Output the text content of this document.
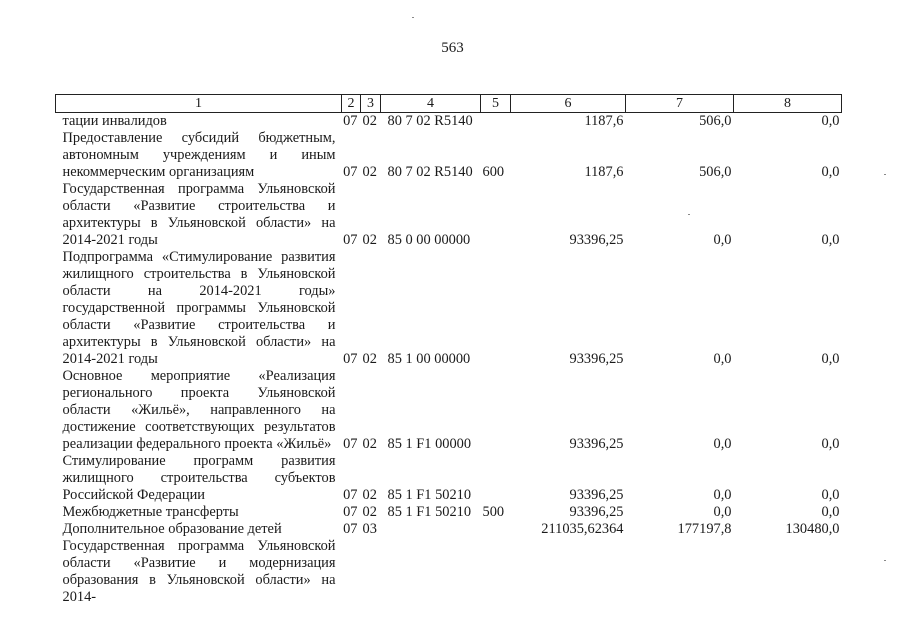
563
1	2	3	4	5	6	7	8
тации инвалидов	07	02	80 7 02 R5140		1187,6	506,0	0,0
Предоставление субсидий бюджетным, автономным учреждениям и иным некоммерческим организациям	07	02	80 7 02 R5140	600	1187,6	506,0	0,0
Государственная программа Ульяновской области «Развитие строительства и архитектуры в Ульяновской области» на 2014-2021 годы	07	02	85 0 00 00000		93396,25	0,0	0,0
Подпрограмма «Стимулирование развития жилищного строительства в Ульяновской области на 2014-2021 годы» государственной программы Ульяновской области «Развитие строительства и архитектуры в Ульяновской области» на 2014-2021 годы	07	02	85 1 00 00000		93396,25	0,0	0,0
Основное мероприятие «Реализация регионального проекта Ульяновской области «Жильё», направленного на достижение соответствующих результатов реализации федерального проекта «Жильё»	07	02	85 1 F1 00000		93396,25	0,0	0,0
Стимулирование программ развития жилищного строительства субъектов Российской Федерации	07	02	85 1 F1 50210		93396,25	0,0	0,0
Межбюджетные трансферты	07	02	85 1 F1 50210	500	93396,25	0,0	0,0
Дополнительное образование детей	07	03			211035,62364	177197,8	130480,0
Государственная программа Ульяновской области «Развитие и модернизация образования в Ульяновской области» на 2014-							
